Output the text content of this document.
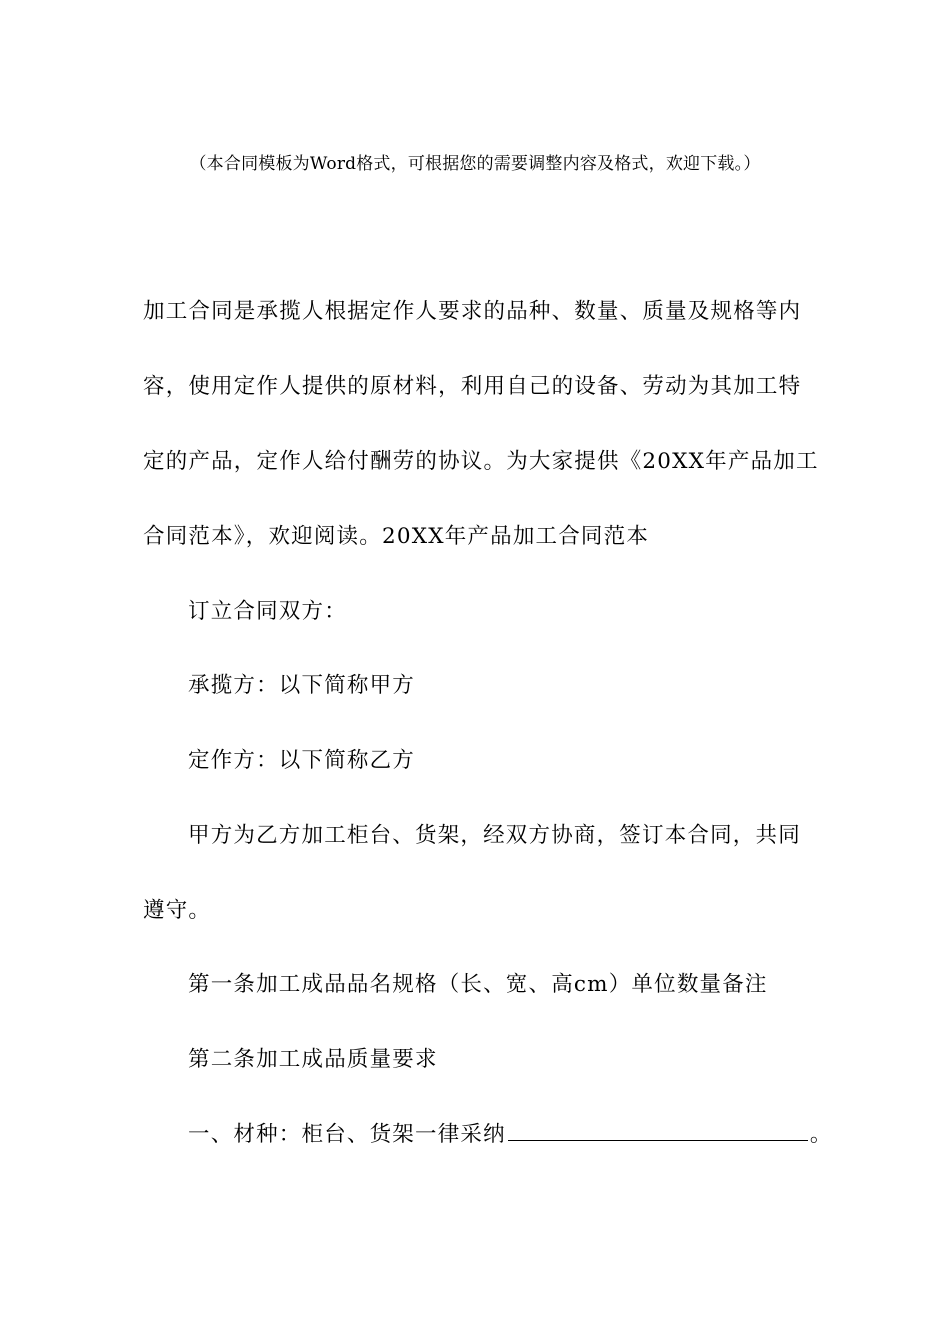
（本合同模板为Word格式，可根据您的需要调整内容及格式，欢迎下载。）
加工合同是承揽人根据定作人要求的品种、数量、质量及规格等内
容，使用定作人提供的原材料，利用自己的设备、劳动为其加工特
定的产品，定作人给付酬劳的协议。为大家提供《20XX年产品加工
合同范本》，欢迎阅读。20XX年产品加工合同范本
订立合同双方：
承揽方：以下简称甲方
定作方：以下简称乙方
甲方为乙方加工柜台、货架，经双方协商，签订本合同，共同
遵守。
第一条加工成品品名规格（长、宽、高cm）单位数量备注
第二条加工成品质量要求
一、材种：柜台、货架一律采纳	。
